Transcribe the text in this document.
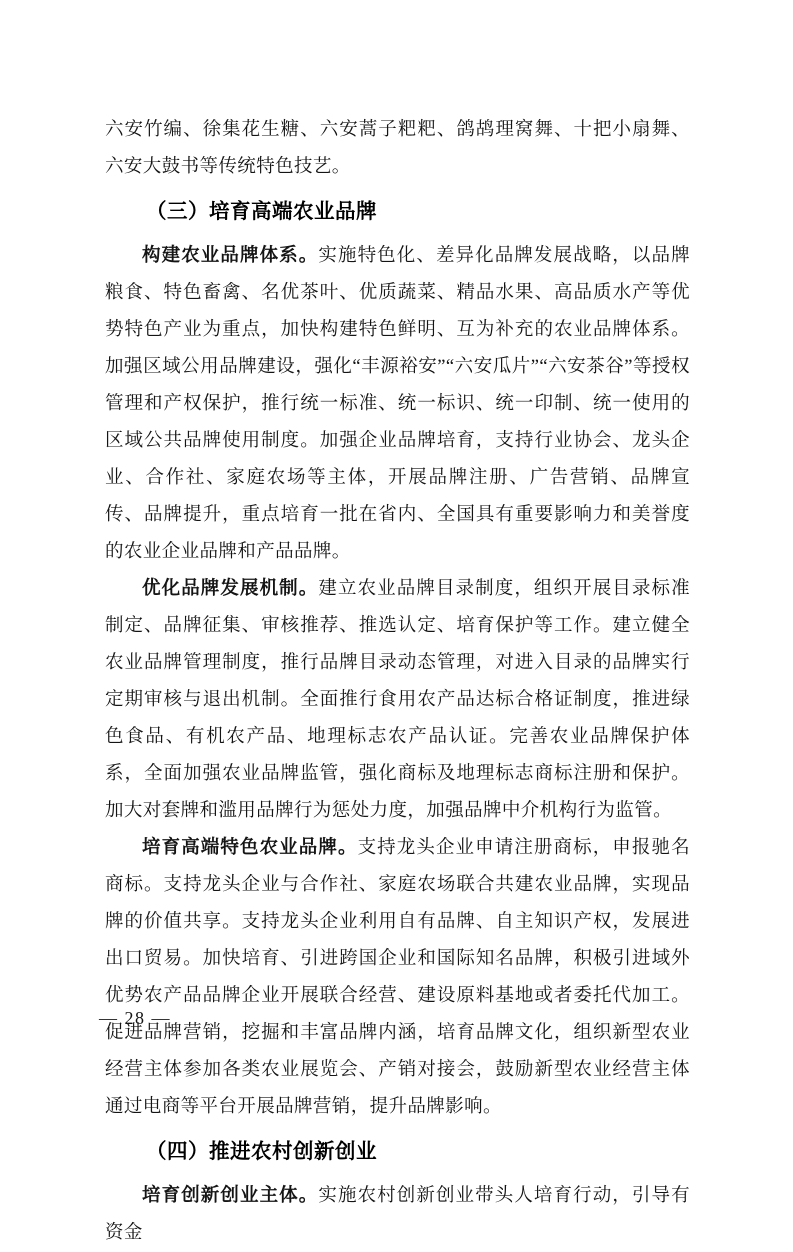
六安竹编、徐集花生糖、六安蒿子粑粑、鸽鸪理窝舞、十把小扇舞、六安大鼓书等传统特色技艺。

（三）培育高端农业品牌

构建农业品牌体系。实施特色化、差异化品牌发展战略，以品牌粮食、特色畜禽、名优茶叶、优质蔬菜、精品水果、高品质水产等优势特色产业为重点，加快构建特色鲜明、互为补充的农业品牌体系。加强区域公用品牌建设，强化“丰源裕安”“六安瓜片”“六安茶谷”等授权管理和产权保护，推行统一标准、统一标识、统一印制、统一使用的区域公共品牌使用制度。加强企业品牌培育，支持行业协会、龙头企业、合作社、家庭农场等主体，开展品牌注册、广告营销、品牌宣传、品牌提升，重点培育一批在省内、全国具有重要影响力和美誉度的农业企业品牌和产品品牌。

优化品牌发展机制。建立农业品牌目录制度，组织开展目录标准制定、品牌征集、审核推荐、推选认定、培育保护等工作。建立健全农业品牌管理制度，推行品牌目录动态管理，对进入目录的品牌实行定期审核与退出机制。全面推行食用农产品达标合格证制度，推进绿色食品、有机农产品、地理标志农产品认证。完善农业品牌保护体系，全面加强农业品牌监管，强化商标及地理标志商标注册和保护。加大对套牌和滥用品牌行为惩处力度，加强品牌中介机构行为监管。

培育高端特色农业品牌。支持龙头企业申请注册商标，申报驰名商标。支持龙头企业与合作社、家庭农场联合共建农业品牌，实现品牌的价值共享。支持龙头企业利用自有品牌、自主知识产权，发展进出口贸易。加快培育、引进跨国企业和国际知名品牌，积极引进域外优势农产品品牌企业开展联合经营、建设原料基地或者委托代加工。促进品牌营销，挖掘和丰富品牌内涵，培育品牌文化，组织新型农业经营主体参加各类农业展览会、产销对接会，鼓励新型农业经营主体通过电商等平台开展品牌营销，提升品牌影响。

（四）推进农村创新创业

培育创新创业主体。实施农村创新创业带头人培育行动，引导有资金

— 28 —
